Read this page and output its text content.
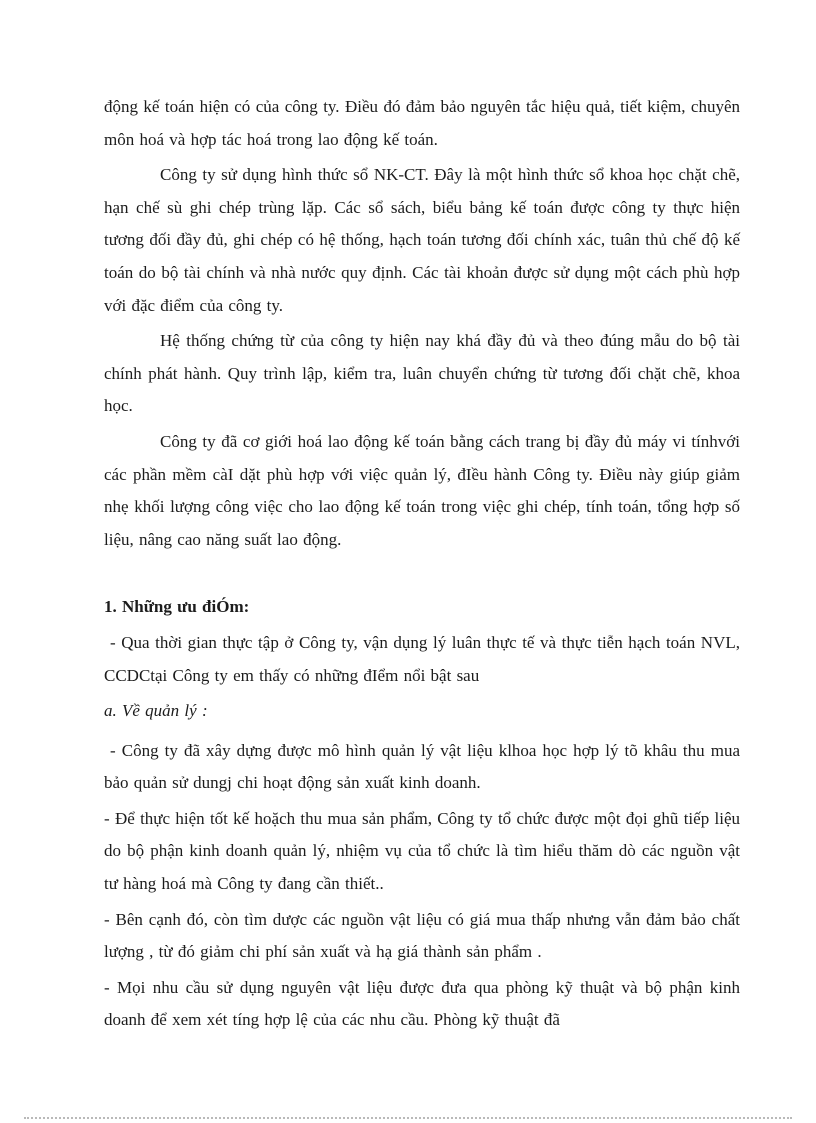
động kế toán hiện có của công ty. Điều đó đảm bảo nguyên tắc hiệu quả, tiết kiệm, chuyên môn hoá và hợp tác hoá trong lao động kế toán.

Công ty sử dụng hình thức sổ NK-CT. Đây là một hình thức sổ khoa học chặt chẽ, hạn chế sù ghi chép trùng lặp. Các sổ sách, biểu bảng kế toán được công ty thực hiện tương đối đầy đủ, ghi chép có hệ thống, hạch toán tương đối chính xác, tuân thủ chế độ kế toán do bộ tài chính và nhà nước quy định. Các tài khoản được sử dụng một cách phù hợp với đặc điểm của công ty.

Hệ thống chứng từ của công ty hiện nay khá đầy đủ và theo đúng mẫu do bộ tài chính phát hành. Quy trình lập, kiểm tra, luân chuyển chứng từ tương đối chặt chẽ, khoa học.

Công ty đã cơ giới hoá lao động kế toán bằng cách trang bị đầy đủ máy vi tínhvới các phần mềm càI dặt phù hợp với việc quản lý, đIều hành Công ty. Điều này giúp giảm nhẹ khối lượng công việc cho lao động kế toán trong việc ghi chép, tính toán, tổng hợp số liệu, nâng cao năng suất lao động.

1. Những ưu điÓm:

- Qua thời gian thực tập ở Công ty, vận dụng lý luân thực tế và thực tiễn hạch toán NVL, CCDCtại Công ty em thấy có những đIểm nổi bật sau

a. Về quản lý :

- Công ty đã xây dựng được mô hình quản lý vật liệu klhoa học hợp lý tõ khâu thu mua bảo quản sử dungj chi hoạt động sản xuất kinh doanh.

- Để thực hiện tốt kế hoặch thu mua sản phẩm, Công ty tổ chức được một đọi ghũ tiếp liệu do bộ phận kinh doanh quản lý, nhiệm vụ của tổ chức là tìm hiểu thăm dò các nguồn vật tư hàng hoá mà Công ty đang cần thiết..

- Bên cạnh đó, còn tìm dược các nguồn vật liệu có giá mua thấp nhưng vẫn đảm bảo chất lượng , từ đó giảm chi phí sản xuất và hạ giá thành sản phẩm .

- Mọi nhu cầu sử dụng nguyên vật liệu được đưa qua phòng kỹ thuật và bộ phận kinh doanh để xem xét tíng hợp lệ của các nhu cầu. Phòng kỹ thuật đã
